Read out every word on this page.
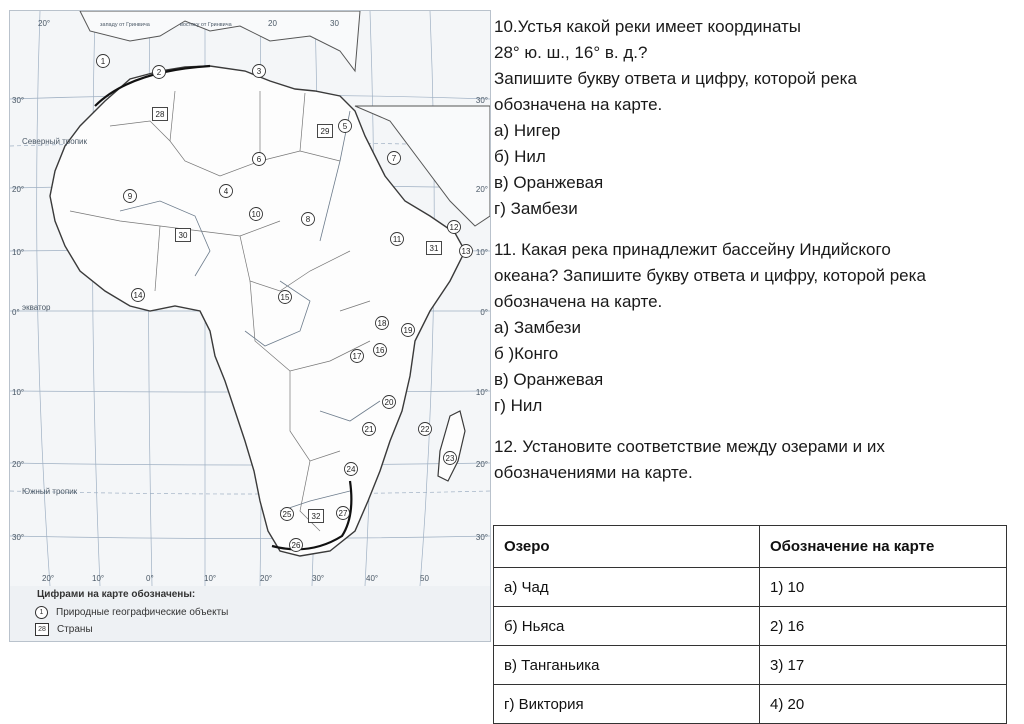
Северный тропик
экватор
Южный тропик
20°	западу от Гринвича	востоку от Гринвича	20	30
20°	10°	0°	10°	20°	30°	40°	50
30°
20°
10°
0°
10°
20°
30°
30°
20°
10°
0°
10°
20°
30°
1
2	3
4
5
6	7
8
9
10
11
12
13
14	15
16
17
18
19
20
21	22
23
24
25
26
27
28
29
30
31
32
Цифрами на карте обозначены:
1	Природные географические объекты
28	Страны
10.Устья какой реки имеет координаты
28° ю. ш., 16° в. д.?
Запишите букву ответа и цифру, которой река
обозначена на карте.
а) Нигер
б) Нил
в) Оранжевая
г) Замбези
11. Какая река принадлежит бассейну Индийского
океана? Запишите букву ответа и цифру, которой река
обозначена на карте.
а) Замбези
б )Конго
в) Оранжевая
г) Нил
12. Установите соответствие между озерами и их
обозначениями на карте.
Озеро	Обозначение на карте
а) Чад	1) 10
б) Ньяса	2) 16
в) Танганьика	3) 17
г) Виктория	4) 20
